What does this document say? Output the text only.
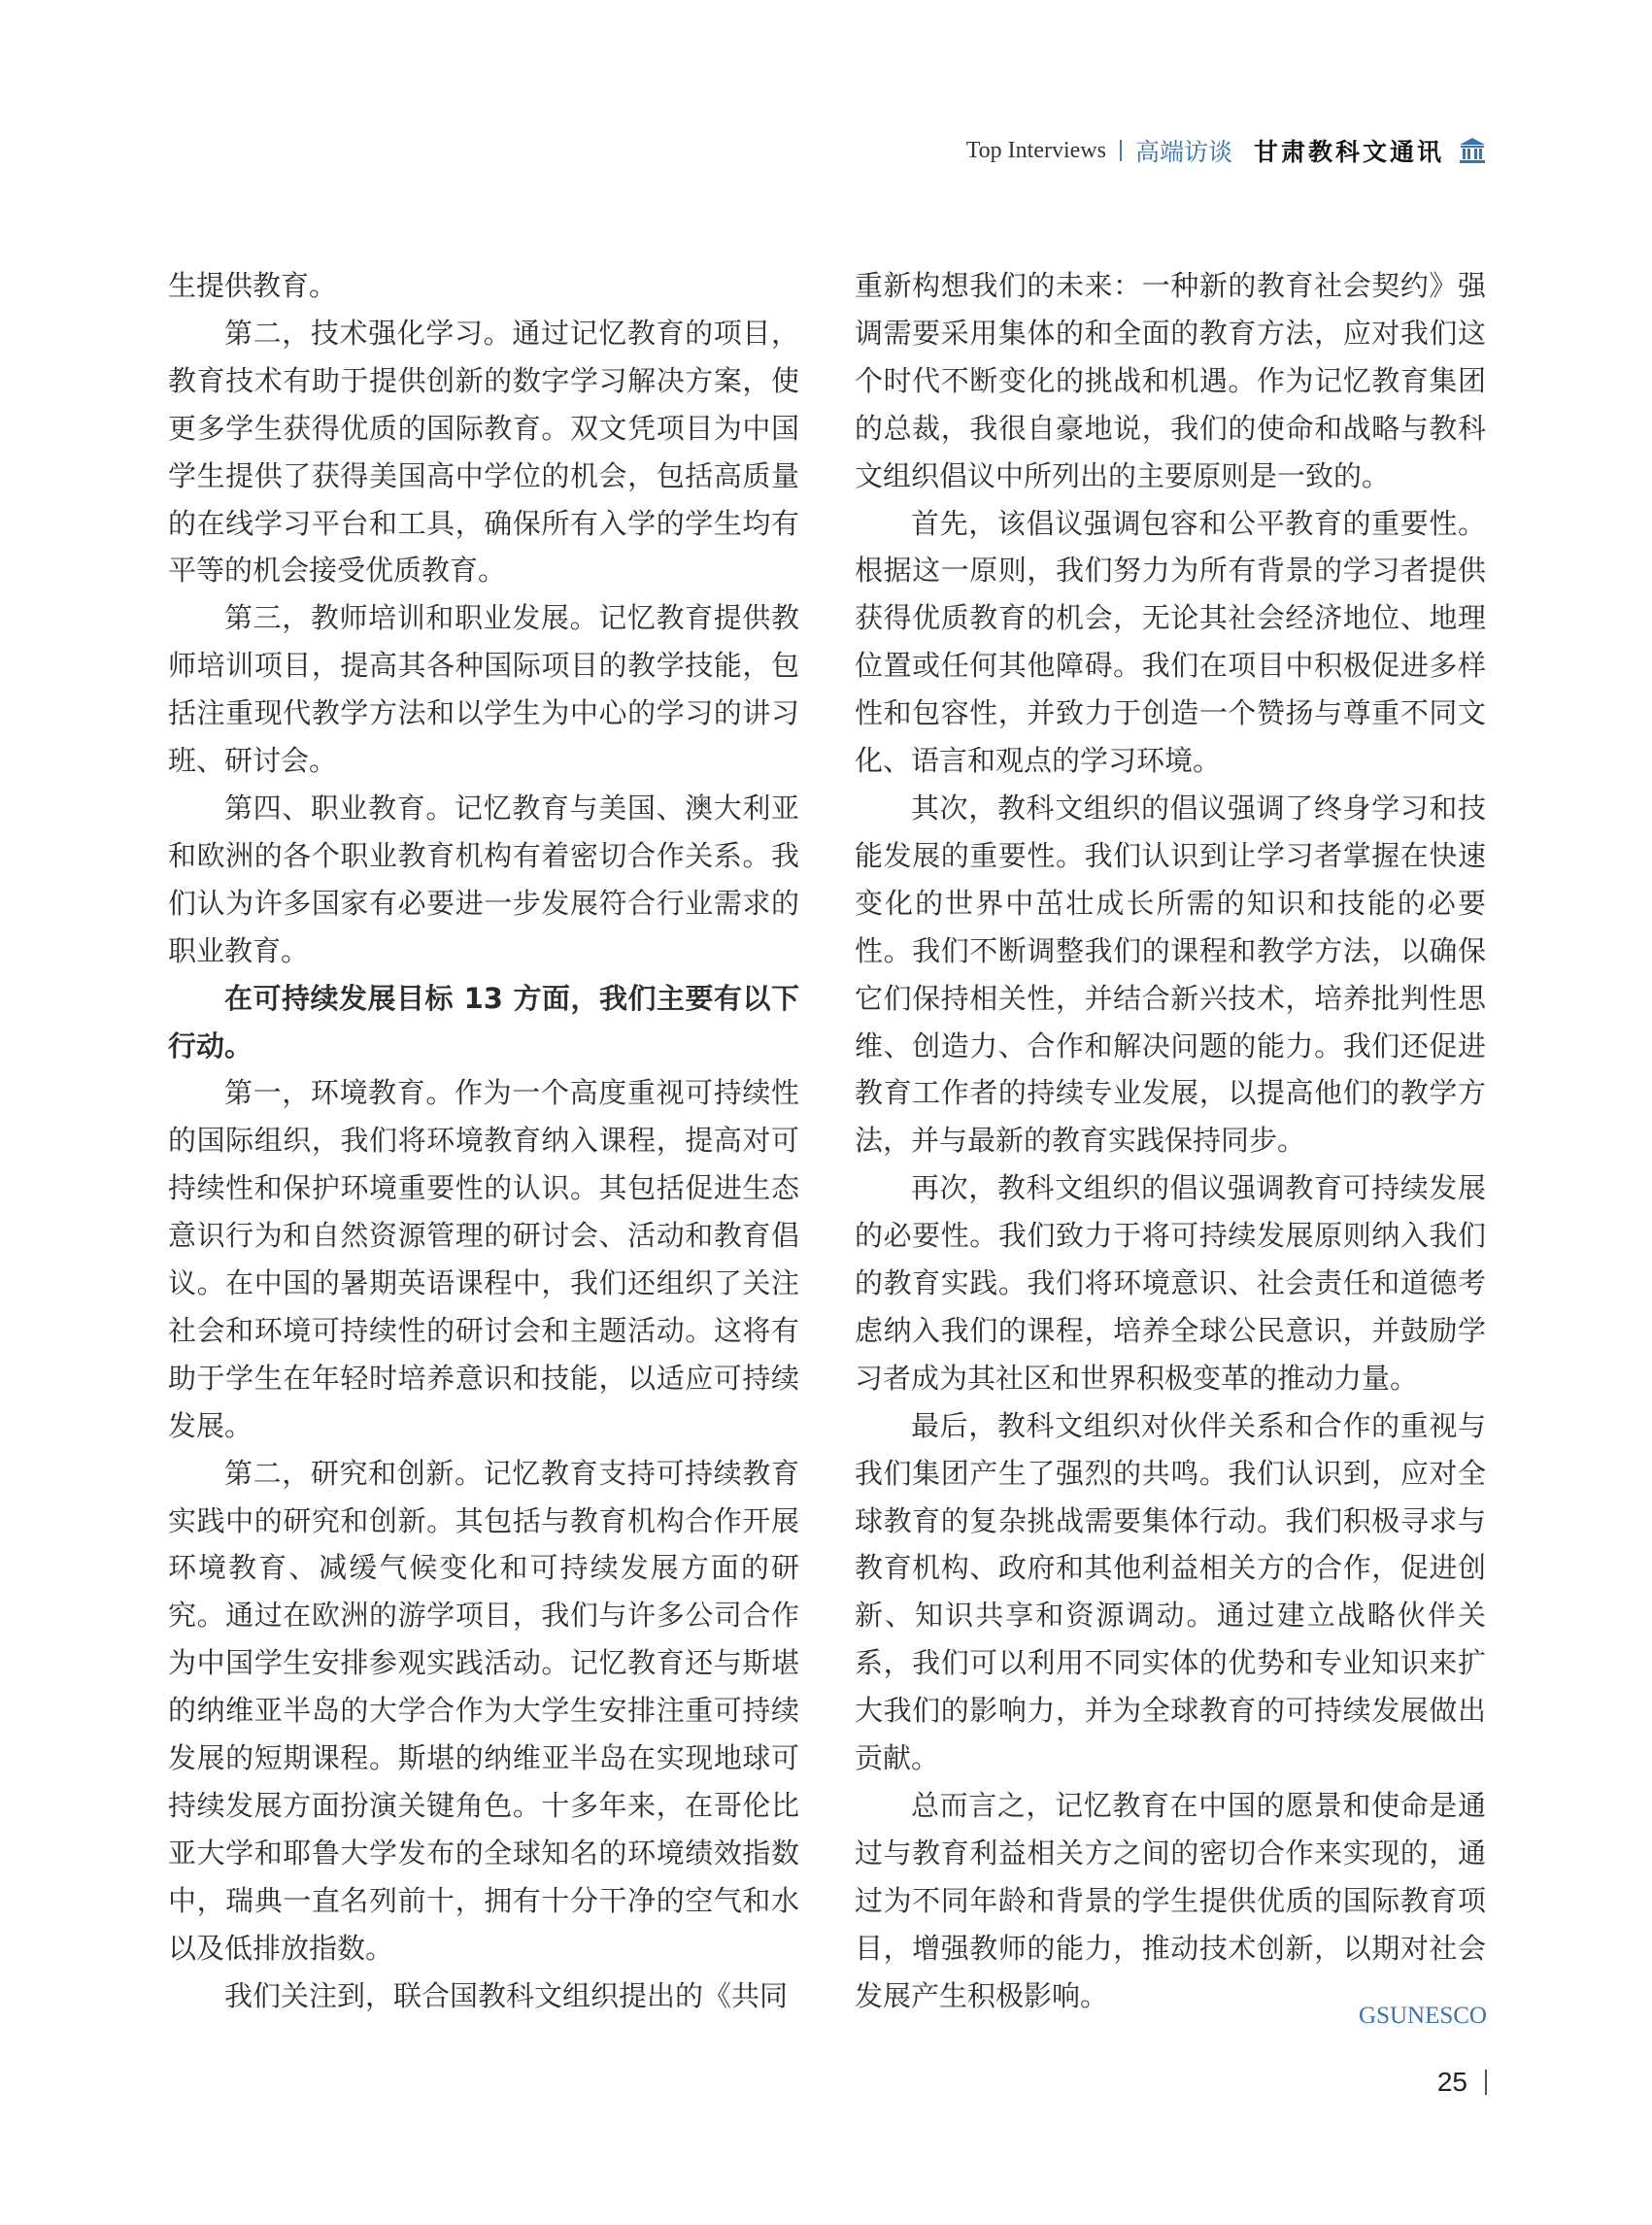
Top Interviews 高端访谈 甘肃教科文通讯

生提供教育。

第二，技术强化学习。通过记忆教育的项目，教育技术有助于提供创新的数字学习解决方案，使更多学生获得优质的国际教育。双文凭项目为中国学生提供了获得美国高中学位的机会，包括高质量的在线学习平台和工具，确保所有入学的学生均有平等的机会接受优质教育。

第三，教师培训和职业发展。记忆教育提供教师培训项目，提高其各种国际项目的教学技能，包括注重现代教学方法和以学生为中心的学习的讲习班、研讨会。

第四、职业教育。记忆教育与美国、澳大利亚和欧洲的各个职业教育机构有着密切合作关系。我们认为许多国家有必要进一步发展符合行业需求的职业教育。

在可持续发展目标 13 方面，我们主要有以下行动。

第一，环境教育。作为一个高度重视可持续性的国际组织，我们将环境教育纳入课程，提高对可持续性和保护环境重要性的认识。其包括促进生态意识行为和自然资源管理的研讨会、活动和教育倡议。在中国的暑期英语课程中，我们还组织了关注社会和环境可持续性的研讨会和主题活动。这将有助于学生在年轻时培养意识和技能，以适应可持续发展。

第二，研究和创新。记忆教育支持可持续教育实践中的研究和创新。其包括与教育机构合作开展环境教育、减缓气候变化和可持续发展方面的研究。通过在欧洲的游学项目，我们与许多公司合作为中国学生安排参观实践活动。记忆教育还与斯堪的纳维亚半岛的大学合作为大学生安排注重可持续发展的短期课程。斯堪的纳维亚半岛在实现地球可持续发展方面扮演关键角色。十多年来，在哥伦比亚大学和耶鲁大学发布的全球知名的环境绩效指数中，瑞典一直名列前十，拥有十分干净的空气和水以及低排放指数。

我们关注到，联合国教科文组织提出的《共同

重新构想我们的未来：一种新的教育社会契约》强调需要采用集体的和全面的教育方法，应对我们这个时代不断变化的挑战和机遇。作为记忆教育集团的总裁，我很自豪地说，我们的使命和战略与教科文组织倡议中所列出的主要原则是一致的。

首先，该倡议强调包容和公平教育的重要性。根据这一原则，我们努力为所有背景的学习者提供获得优质教育的机会，无论其社会经济地位、地理位置或任何其他障碍。我们在项目中积极促进多样性和包容性，并致力于创造一个赞扬与尊重不同文化、语言和观点的学习环境。

其次，教科文组织的倡议强调了终身学习和技能发展的重要性。我们认识到让学习者掌握在快速变化的世界中茁壮成长所需的知识和技能的必要性。我们不断调整我们的课程和教学方法，以确保它们保持相关性，并结合新兴技术，培养批判性思维、创造力、合作和解决问题的能力。我们还促进教育工作者的持续专业发展，以提高他们的教学方法，并与最新的教育实践保持同步。

再次，教科文组织的倡议强调教育可持续发展的必要性。我们致力于将可持续发展原则纳入我们的教育实践。我们将环境意识、社会责任和道德考虑纳入我们的课程，培养全球公民意识，并鼓励学习者成为其社区和世界积极变革的推动力量。

最后，教科文组织对伙伴关系和合作的重视与我们集团产生了强烈的共鸣。我们认识到，应对全球教育的复杂挑战需要集体行动。我们积极寻求与教育机构、政府和其他利益相关方的合作，促进创新、知识共享和资源调动。通过建立战略伙伴关系，我们可以利用不同实体的优势和专业知识来扩大我们的影响力，并为全球教育的可持续发展做出贡献。

总而言之，记忆教育在中国的愿景和使命是通过与教育利益相关方之间的密切合作来实现的，通过为不同年龄和背景的学生提供优质的国际教育项目，增强教师的能力，推动技术创新，以期对社会发展产生积极影响。

GSUNESCO
25
